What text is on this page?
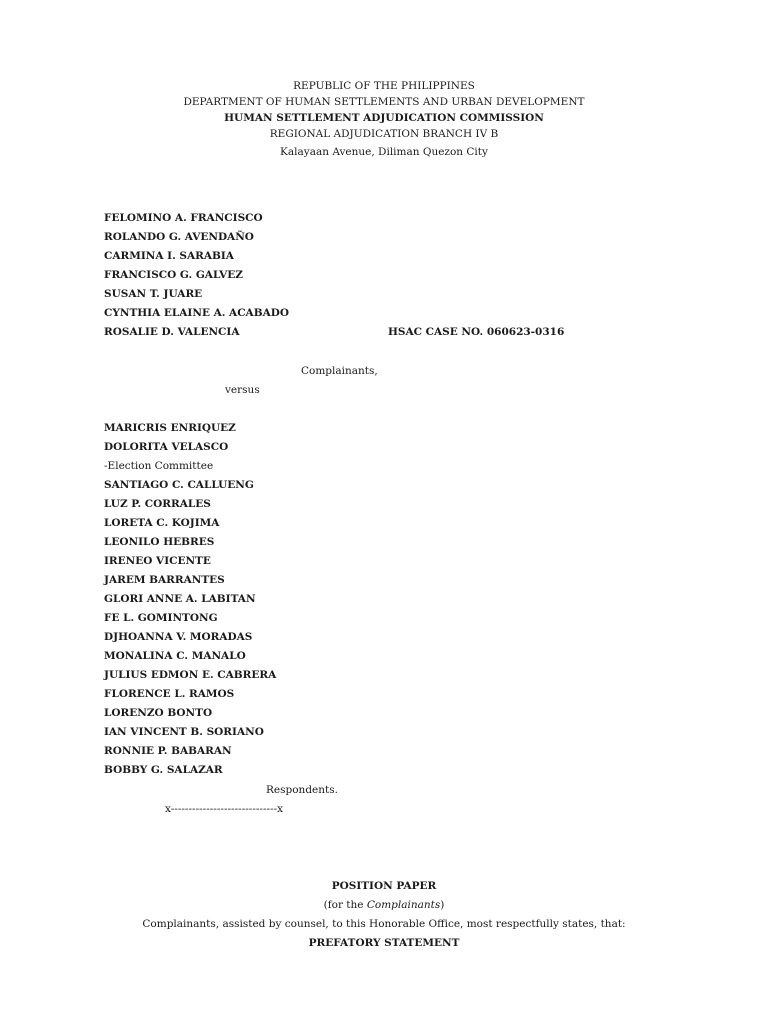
REPUBLIC OF THE PHILIPPINES
DEPARTMENT OF HUMAN SETTLEMENTS AND URBAN DEVELOPMENT
HUMAN SETTLEMENT ADJUDICATION COMMISSION
REGIONAL ADJUDICATION BRANCH IV B
Kalayaan Avenue, Diliman Quezon City
FELOMINO A. FRANCISCO
ROLANDO G. AVENDAÑO
CARMINA I. SARABIA
FRANCISCO G. GALVEZ
SUSAN T. JUARE
CYNTHIA ELAINE A. ACABADO
ROSALIE D. VALENCIA	HSAC CASE NO. 060623-0316
Complainants,
versus
MARICRIS ENRIQUEZ
DOLORITA VELASCO
-Election Committee
SANTIAGO C. CALLUENG
LUZ P. CORRALES
LORETA C. KOJIMA
LEONILO HEBRES
IRENEO VICENTE
JAREM BARRANTES
GLORI ANNE A. LABITAN
FE L. GOMINTONG
DJHOANNA V. MORADAS
MONALINA C. MANALO
JULIUS EDMON E. CABRERA
FLORENCE L. RAMOS
LORENZO BONTO
IAN VINCENT B. SORIANO
RONNIE P. BABARAN
BOBBY G. SALAZAR
Respondents.
x------------------------------x
POSITION PAPER
(for the Complainants)
Complainants, assisted by counsel, to this Honorable Office, most respectfully states, that:
PREFATORY STATEMENT
